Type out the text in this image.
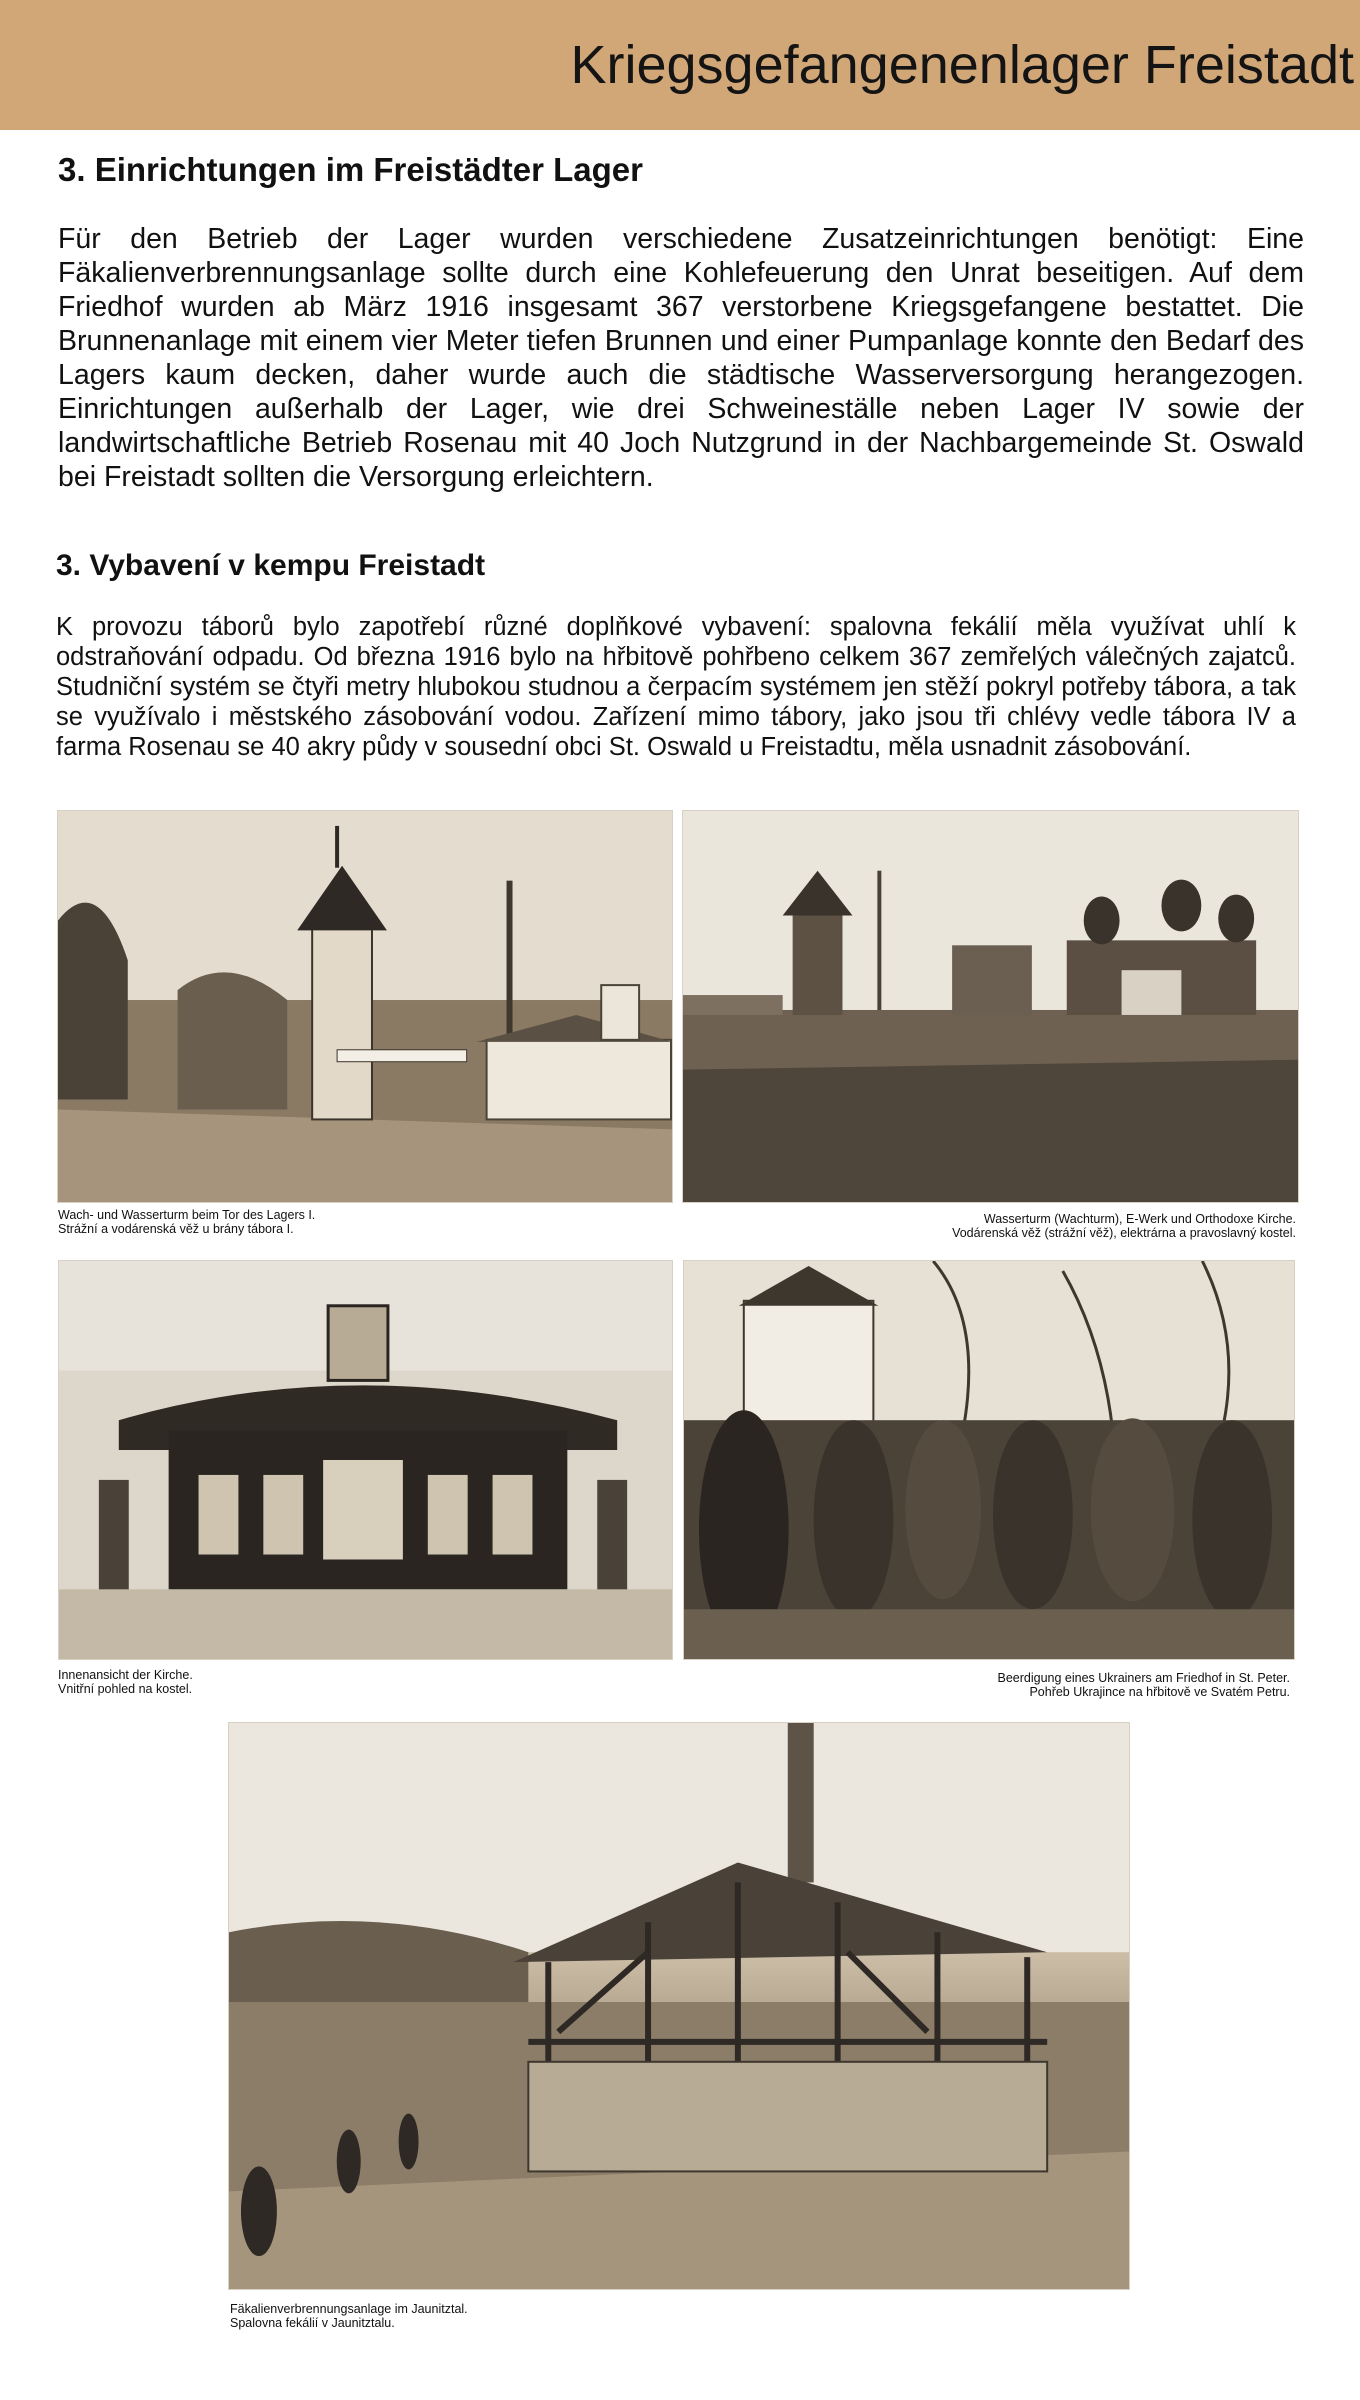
Kriegsgefangenenlager Freistadt
3. Einrichtungen im Freistädter Lager

Für den Betrieb der Lager wurden verschiedene Zusatzeinrichtungen benötigt: Eine Fäkalienverbrennungsanlage sollte durch eine Kohlefeuerung den Unrat beseitigen. Auf dem Friedhof wurden ab März 1916 insgesamt 367 verstorbene Kriegsgefangene bestattet. Die Brunnenanlage mit einem vier Meter tiefen Brunnen und einer Pumpanlage konnte den Bedarf des Lagers kaum decken, daher wurde auch die städtische Wasserversorgung herangezogen. Einrichtungen außerhalb der Lager, wie drei Schweineställe neben Lager IV sowie der landwirtschaftliche Betrieb Rosenau mit 40 Joch Nutzgrund in der Nachbargemeinde St. Oswald bei Freistadt sollten die Versorgung erleichtern.

3. Vybavení v kempu Freistadt

K provozu táborů bylo zapotřebí různé doplňkové vybavení: spalovna fekálií měla využívat uhlí k odstraňování odpadu. Od března 1916 bylo na hřbitově pohřbeno celkem 367 zemřelých válečných zajatců. Studniční systém se čtyři metry hlubokou studnou a čerpacím systémem jen stěží pokryl potřeby tábora, a tak se využívalo i městského zásobování vodou. Zařízení mimo tábory, jako jsou tři chlévy vedle tábora IV a farma Rosenau se 40 akry půdy v sousední obci St. Oswald u Freistadtu, měla usnadnit zásobování.

Wach- und Wasserturm beim Tor des Lagers I.
Strážní a vodárenská věž u brány tábora I.
Wasserturm (Wachturm), E-Werk und Orthodoxe Kirche.
Vodárenská věž (strážní věž), elektrárna a pravoslavný kostel.
Innenansicht der Kirche.
Vnitřní pohled na kostel.
Beerdigung eines Ukrainers am Friedhof in St. Peter.
Pohřeb Ukrajince na hřbitově ve Svatém Petru.
Fäkalienverbrennungsanlage im Jaunitztal.
Spalovna fekálií v Jaunitztalu.
